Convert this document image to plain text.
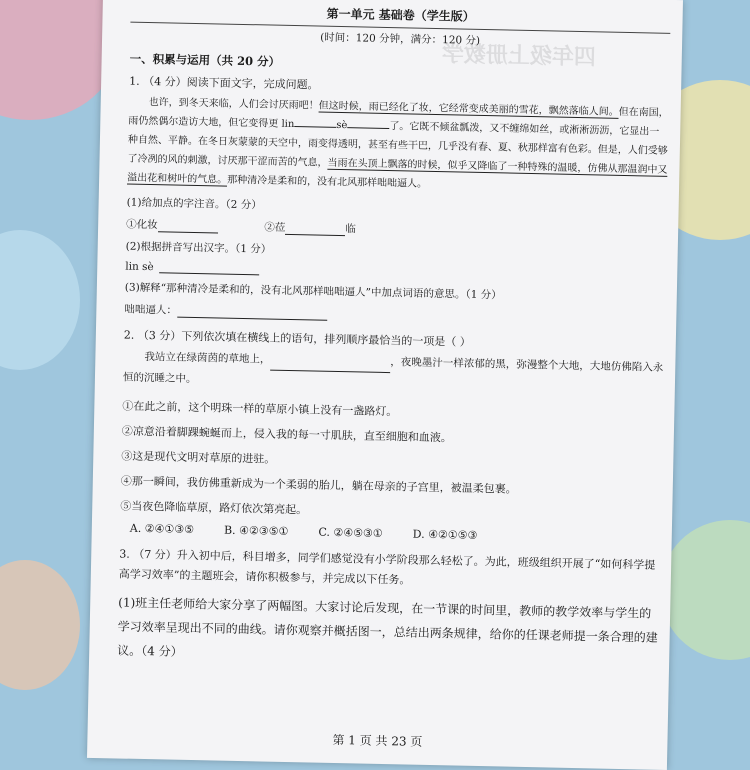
四年级上册数学
第一单元 基础卷（学生版）
(时间：120 分钟，满分：120 分)
一、积累与运用（共 20 分）
1. （4 分）阅读下面文字，完成问题。
也许，到冬天来临，人们会讨厌雨吧！但这时候，雨已经化了妆，它经常变成美丽的雪花，飘然落临人间。但在南国，雨仍然偶尔造访大地，但它变得更 lin	sè	了。它既不倾盆瓢泼，又不缠绵如丝，或淅淅沥沥，它显出一种自然、平静。在冬日灰蒙蒙的天空中，雨变得透明，甚至有些干巴，几乎没有春、夏、秋那样富有色彩。但是，人们受够了冷冽的风的刺激，讨厌那干涩而苦的气息，当雨在头顶上飘落的时候，似乎又降临了一种特殊的温暖，仿佛从那温润中又溢出花和树叶的气息。那种清冷是柔和的，没有北风那样咄咄逼人。
(1)给加点的字注音。（2 分）
①化妆	②莅	临
(2)根据拼音写出汉字。（1 分）
lin sè
(3)解释“那种清冷是柔和的，没有北风那样咄咄逼人”中加点词语的意思。（1 分）
咄咄逼人：
2. （3 分）下列依次填在横线上的语句，排列顺序最恰当的一项是（ ）
我站立在绿茵茵的草地上，	，夜晚墨汁一样浓郁的黑，弥漫整个大地，大地仿佛陷入永恒的沉睡之中。
①在此之前，这个明珠一样的草原小镇上没有一盏路灯。
②凉意沿着脚踝蜿蜒而上，侵入我的每一寸肌肤，直至细胞和血液。
③这是现代文明对草原的进驻。
④那一瞬间，我仿佛重新成为一个柔弱的胎儿，躺在母亲的子宫里，被温柔包裹。
⑤当夜色降临草原，路灯依次第亮起。
A. ②④①③⑤	B. ④②③⑤①	C. ②④⑤③①	D. ④②①⑤③
3. （7 分）升入初中后，科目增多，同学们感觉没有小学阶段那么轻松了。为此，班级组织开展了“如何科学提高学习效率”的主题班会，请你积极参与，并完成以下任务。
(1)班主任老师给大家分享了两幅图。大家讨论后发现，在一节课的时间里，教师的教学效率与学生的学习效率呈现出不同的曲线。请你观察并概括图一，总结出两条规律，给你的任课老师提一条合理的建议。（4 分）
第 1 页 共 23 页
